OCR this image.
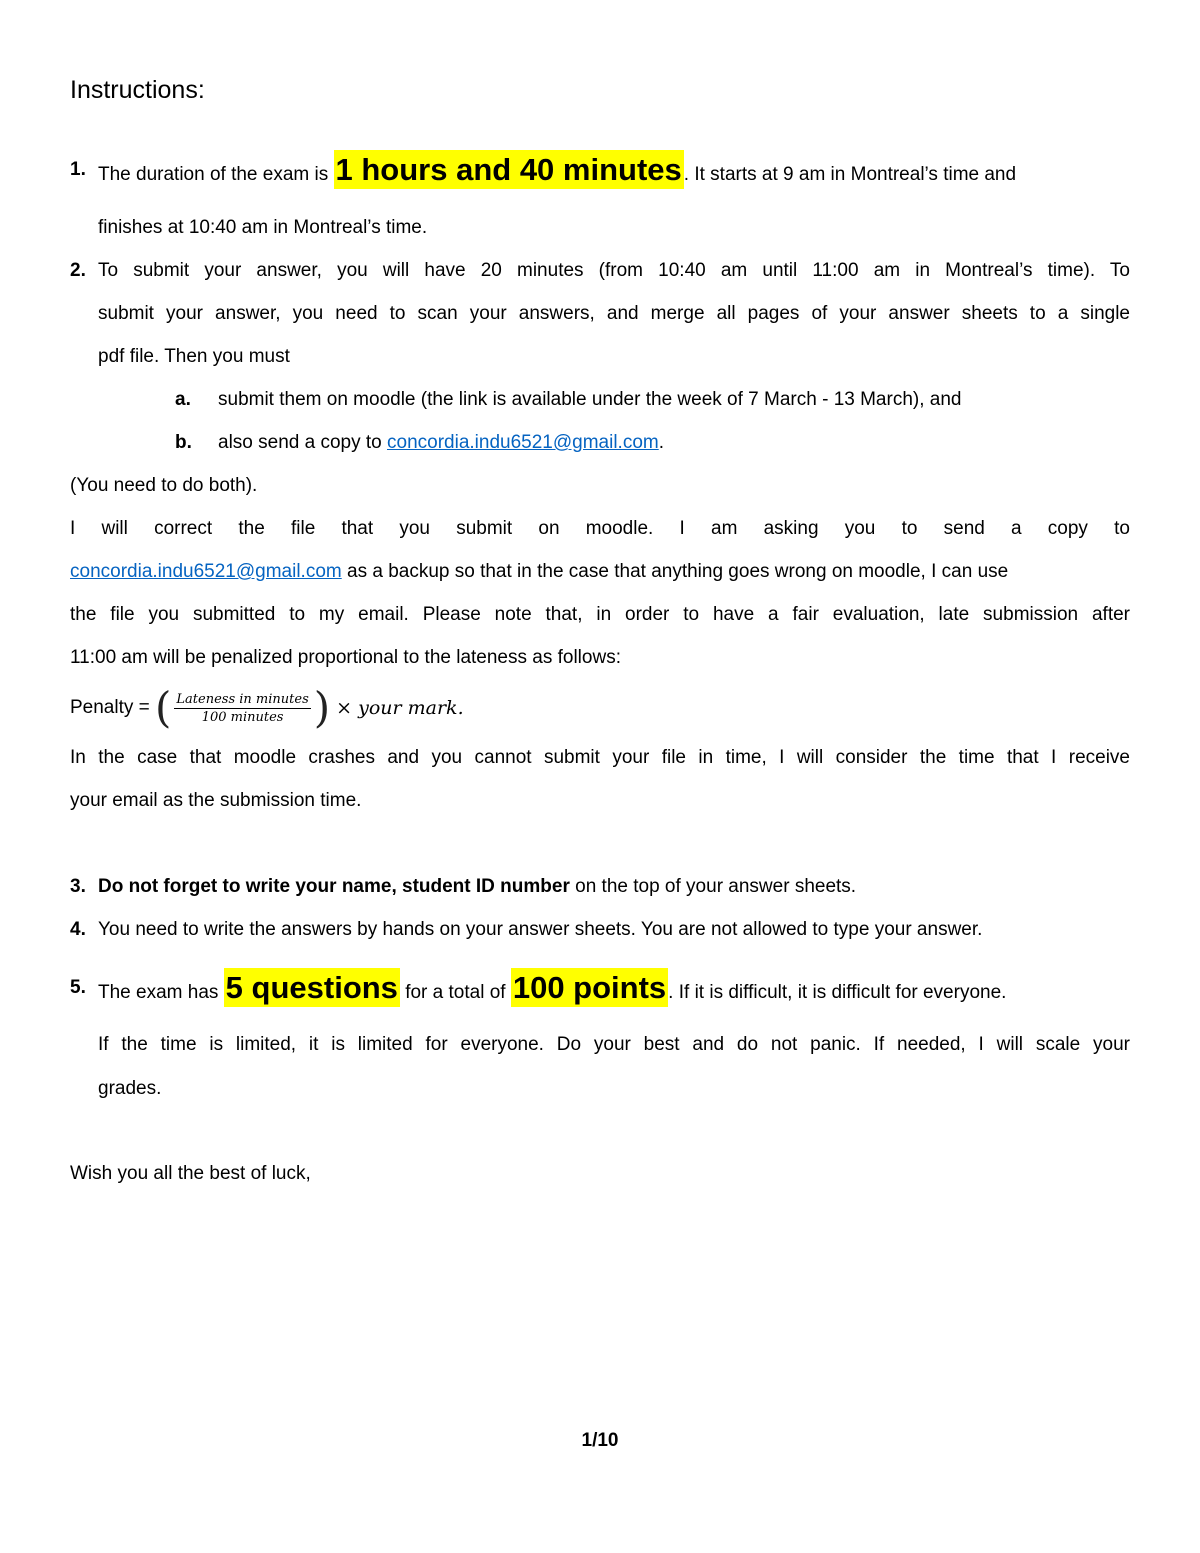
Instructions:
1. The duration of the exam is 1 hours and 40 minutes . It starts at 9 am in Montreal’s time and
finishes at 10:40 am in Montreal’s time.
2. To submit your answer, you will have 20 minutes (from 10:40 am until 11:00 am in Montreal’s time). To
submit your answer, you need to scan your answers, and merge all pages of your answer sheets to a single
pdf file. Then you must
a. submit them on moodle (the link is available under the week of 7 March - 13 March), and
b. also send a copy to concordia.indu6521@gmail.com.
(You need to do both).
I will correct the file that you submit on moodle. I am asking you to send a copy to
concordia.indu6521@gmail.com as a backup so that in the case that anything goes wrong on moodle, I can use
the file you submitted to my email. Please note that, in order to have a fair evaluation, late submission after
11:00 am will be penalized proportional to the lateness as follows:
Penalty = ( $\frac{\text{Lateness in minutes}}{\text{100 minutes}}$ ) × your mark.
In the case that moodle crashes and you cannot submit your file in time, I will consider the time that I receive
your email as the submission time.
3. Do not forget to write your name, student ID number on the top of your answer sheets.
4. You need to write the answers by hands on your answer sheets. You are not allowed to type your answer.
5. The exam has 5 questions for a total of 100 points . If it is difficult, it is difficult for everyone.
If the time is limited, it is limited for everyone. Do your best and do not panic. If needed, I will scale your
grades.
Wish you all the best of luck,
1/10
